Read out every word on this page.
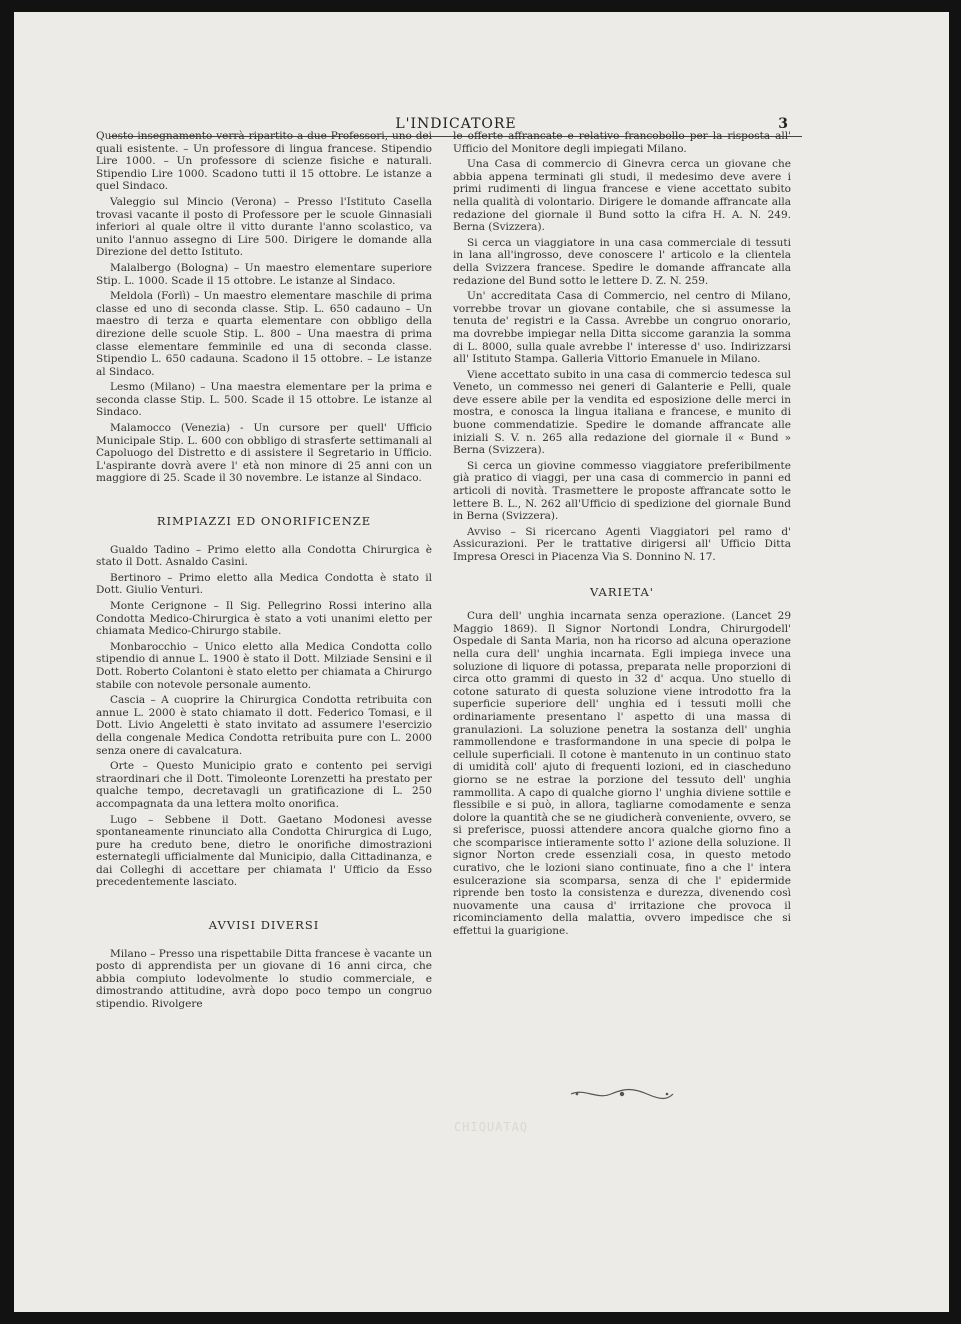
CHIQUATAQ
L'INDICATORE	3

Questo insegnamento verrà ripartito a due Professori, uno dei quali esistente. – Un professore di lingua francese. Stipendio Lire 1000. – Un professore di scienze fisiche e naturali. Stipendio Lire 1000. Scadono tutti il 15 ottobre. Le istanze a quel Sindaco.

Valeggio sul Mincio (Verona) – Presso l'Istituto Casella trovasi vacante il posto di Professore per le scuole Ginnasiali inferiori al quale oltre il vitto durante l'anno scolastico, va unito l'annuo assegno di Lire 500. Dirigere le domande alla Direzione del detto Istituto.

Malalbergo (Bologna) – Un maestro elementare superiore Stip. L. 1000. Scade il 15 ottobre. Le istanze al Sindaco.

Meldola (Forlì) – Un maestro elementare maschile di prima classe ed uno di seconda classe. Stip. L. 650 cadauno – Un maestro di terza e quarta elementare con obbligo della direzione delle scuole Stip. L. 800 – Una maestra di prima classe elementare femminile ed una di seconda classe. Stipendio L. 650 cadauna. Scadono il 15 ottobre. – Le istanze al Sindaco.

Lesmo (Milano) – Una maestra elementare per la prima e seconda classe Stip. L. 500. Scade il 15 ottobre. Le istanze al Sindaco.

Malamocco (Venezia) - Un cursore per quell' Ufficio Municipale Stip. L. 600 con obbligo di strasferte settimanali al Capoluogo del Distretto e di assistere il Segretario in Ufficio. L'aspirante dovrà avere l' età non minore di 25 anni con un maggiore di 25. Scade il 30 novembre. Le istanze al Sindaco.

RIMPIAZZI ED ONORIFICENZE

Gualdo Tadino – Primo eletto alla Condotta Chirurgica è stato il Dott. Asnaldo Casini.

Bertinoro – Primo eletto alla Medica Condotta è stato il Dott. Giulio Venturi.

Monte Cerignone – Il Sig. Pellegrino Rossi interino alla Condotta Medico-Chirurgica è stato a voti unanimi eletto per chiamata Medico-Chirurgo stabile.

Monbarocchio – Unico eletto alla Medica Condotta collo stipendio di annue L. 1900 è stato il Dott. Milziade Sensini e il Dott. Roberto Colantoni è stato eletto per chiamata a Chirurgo stabile con notevole personale aumento.

Cascia – A cuoprire la Chirurgica Condotta retribuita con annue L. 2000 è stato chiamato il dott. Federico Tomasi, e il Dott. Livio Angeletti è stato invitato ad assumere l'esercizio della congenale Medica Condotta retribuita pure con L. 2000 senza onere di cavalcatura.

Orte – Questo Municipio grato e contento pei servigi straordinari che il Dott. Timoleonte Lorenzetti ha prestato per qualche tempo, decretavagli un gratificazione di L. 250 accompagnata da una lettera molto onorifica.

Lugo – Sebbene il Dott. Gaetano Modonesi avesse spontaneamente rinunciato alla Condotta Chirurgica di Lugo, pure ha creduto bene, dietro le onorifiche dimostrazioni esternategli ufficialmente dal Municipio, dalla Cittadinanza, e dai Colleghi di accettare per chiamata l' Ufficio da Esso precedentemente lasciato.

AVVISI DIVERSI

Milano – Presso una rispettabile Ditta francese è vacante un posto di apprendista per un giovane di 16 anni circa, che abbia compiuto lodevolmente lo studio commerciale, e dimostrando attitudine, avrà dopo poco tempo un congruo stipendio. Rivolgere

le offerte affrancate e relativo francobollo per la risposta all' Ufficio del Monitore degli impiegati Milano.

Una Casa di commercio di Ginevra cerca un giovane che abbia appena terminati gli studi, il medesimo deve avere i primi rudimenti di lingua francese e viene accettato subito nella qualità di volontario. Dirigere le domande affrancate alla redazione del giornale il Bund sotto la cifra H. A. N. 249. Berna (Svizzera).

Si cerca un viaggiatore in una casa commerciale di tessuti in lana all'ingrosso, deve conoscere l' articolo e la clientela della Svizzera francese. Spedire le domande affrancate alla redazione del Bund sotto le lettere D. Z. N. 259.

Un' accreditata Casa di Commercio, nel centro di Milano, vorrebbe trovar un giovane contabile, che si assumesse la tenuta de' registri e la Cassa. Avrebbe un congruo onorario, ma dovrebbe impiegar nella Ditta siccome garanzia la somma di L. 8000, sulla quale avrebbe l' interesse d' uso. Indirizzarsi all' Istituto Stampa. Galleria Vittorio Emanuele in Milano.

Viene accettato subito in una casa di commercio tedesca sul Veneto, un commesso nei generi di Galanterie e Pelli, quale deve essere abile per la vendita ed esposizione delle merci in mostra, e conosca la lingua italiana e francese, e munito di buone commendatizie. Spedire le domande affrancate alle iniziali S. V. n. 265 alla redazione del giornale il « Bund » Berna (Svizzera).

Si cerca un giovine commesso viaggiatore preferibilmente già pratico di viaggi, per una casa di commercio in panni ed articoli di novità. Trasmettere le proposte affrancate sotto le lettere B. L., N. 262 all'Ufficio di spedizione del giornale Bund in Berna (Svizzera).

Avviso – Si ricercano Agenti Viaggiatori pel ramo d' Assicurazioni. Per le trattative dirigersi all' Ufficio Ditta Impresa Oresci in Piacenza Via S. Donnino N. 17.

VARIETA'

Cura dell' unghia incarnata senza operazione. (Lancet 29 Maggio 1869). Il Signor Nortondi Londra, Chirurgodell' Ospedale di Santa Maria, non ha ricorso ad alcuna operazione nella cura dell' unghia incarnata. Egli impiega invece una soluzione di liquore di potassa, preparata nelle proporzioni di circa otto grammi di questo in 32 d' acqua. Uno stuello di cotone saturato di questa soluzione viene introdotto fra la superficie superiore dell' unghia ed i tessuti molli che ordinariamente presentano l' aspetto di una massa di granulazioni. La soluzione penetra la sostanza dell' unghia rammollendone e trasformandone in una specie di polpa le cellule superficiali. Il cotone è mantenuto in un continuo stato di umidità coll' ajuto di frequenti lozioni, ed in ciascheduno giorno se ne estrae la porzione del tessuto dell' unghia rammollita. A capo di qualche giorno l' unghia diviene sottile e flessibile e si può, in allora, tagliarne comodamente e senza dolore la quantità che se ne giudicherà conveniente, ovvero, se si preferisce, puossi attendere ancora qualche giorno fino a che scomparisce intieramente sotto l' azione della soluzione. Il signor Norton crede essenziali cosa, in questo metodo curativo, che le lozioni siano continuate, fino a che l' intera esulcerazione sia scomparsa, senza di che l' epidermide riprende ben tosto la consistenza e durezza, divenendo così nuovamente una causa d' irritazione che provoca il ricominciamento della malattia, ovvero impedisce che si effettui la guarigione.
